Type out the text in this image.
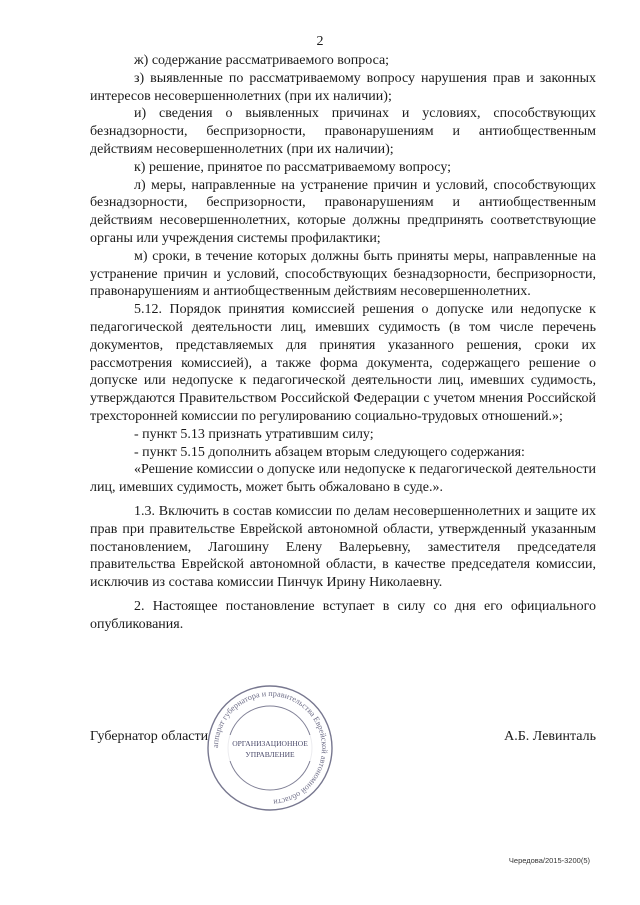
2

ж) содержание рассматриваемого вопроса;

з) выявленные по рассматриваемому вопросу нарушения прав и законных интересов несовершеннолетних (при их наличии);

и) сведения о выявленных причинах и условиях, способствующих безнадзорности, беспризорности, правонарушениям и антиобщественным действиям несовершеннолетних (при их наличии);

к) решение, принятое по рассматриваемому вопросу;

л) меры, направленные на устранение причин и условий, способствующих безнадзорности, беспризорности, правонарушениям и антиобщественным действиям несовершеннолетних, которые должны предпринять соответствующие органы или учреждения системы профилактики;

м) сроки, в течение которых должны быть приняты меры, направленные на устранение причин и условий, способствующих безнадзорности, беспризорности, правонарушениям и антиобщественным действиям несовершеннолетних.

5.12. Порядок принятия комиссией решения о допуске или недопуске к педагогической деятельности лиц, имевших судимость (в том числе перечень документов, представляемых для принятия указанного решения, сроки их рассмотрения комиссией), а также форма документа, содержащего решение о допуске или недопуске к педагогической деятельности лиц, имевших судимость, утверждаются Правительством Российской Федерации с учетом мнения Российской трехсторонней комиссии по регулированию социально-трудовых отношений.»;

- пункт 5.13 признать утратившим силу;

- пункт 5.15 дополнить абзацем вторым следующего содержания:

«Решение комиссии о допуске или недопуске к педагогической деятельности лиц, имевших судимость, может быть обжаловано в суде.».

1.3. Включить в состав комиссии по делам несовершеннолетних и защите их прав при правительстве Еврейской автономной области, утвержденный указанным постановлением, Лагошину Елену Валерьевну, заместителя председателя правительства Еврейской автономной области, в качестве председателя комиссии, исключив из состава комиссии Пинчук Ирину Николаевну.

2. Настоящее постановление вступает в силу со дня его официального опубликования.

Губернатор области	А.Б. Левинталь
аппарат губернатора и правительства Еврейской автономной области
ОРГАНИЗАЦИОННОЕ
УПРАВЛЕНИЕ
Чередова/2015-3200(5)
